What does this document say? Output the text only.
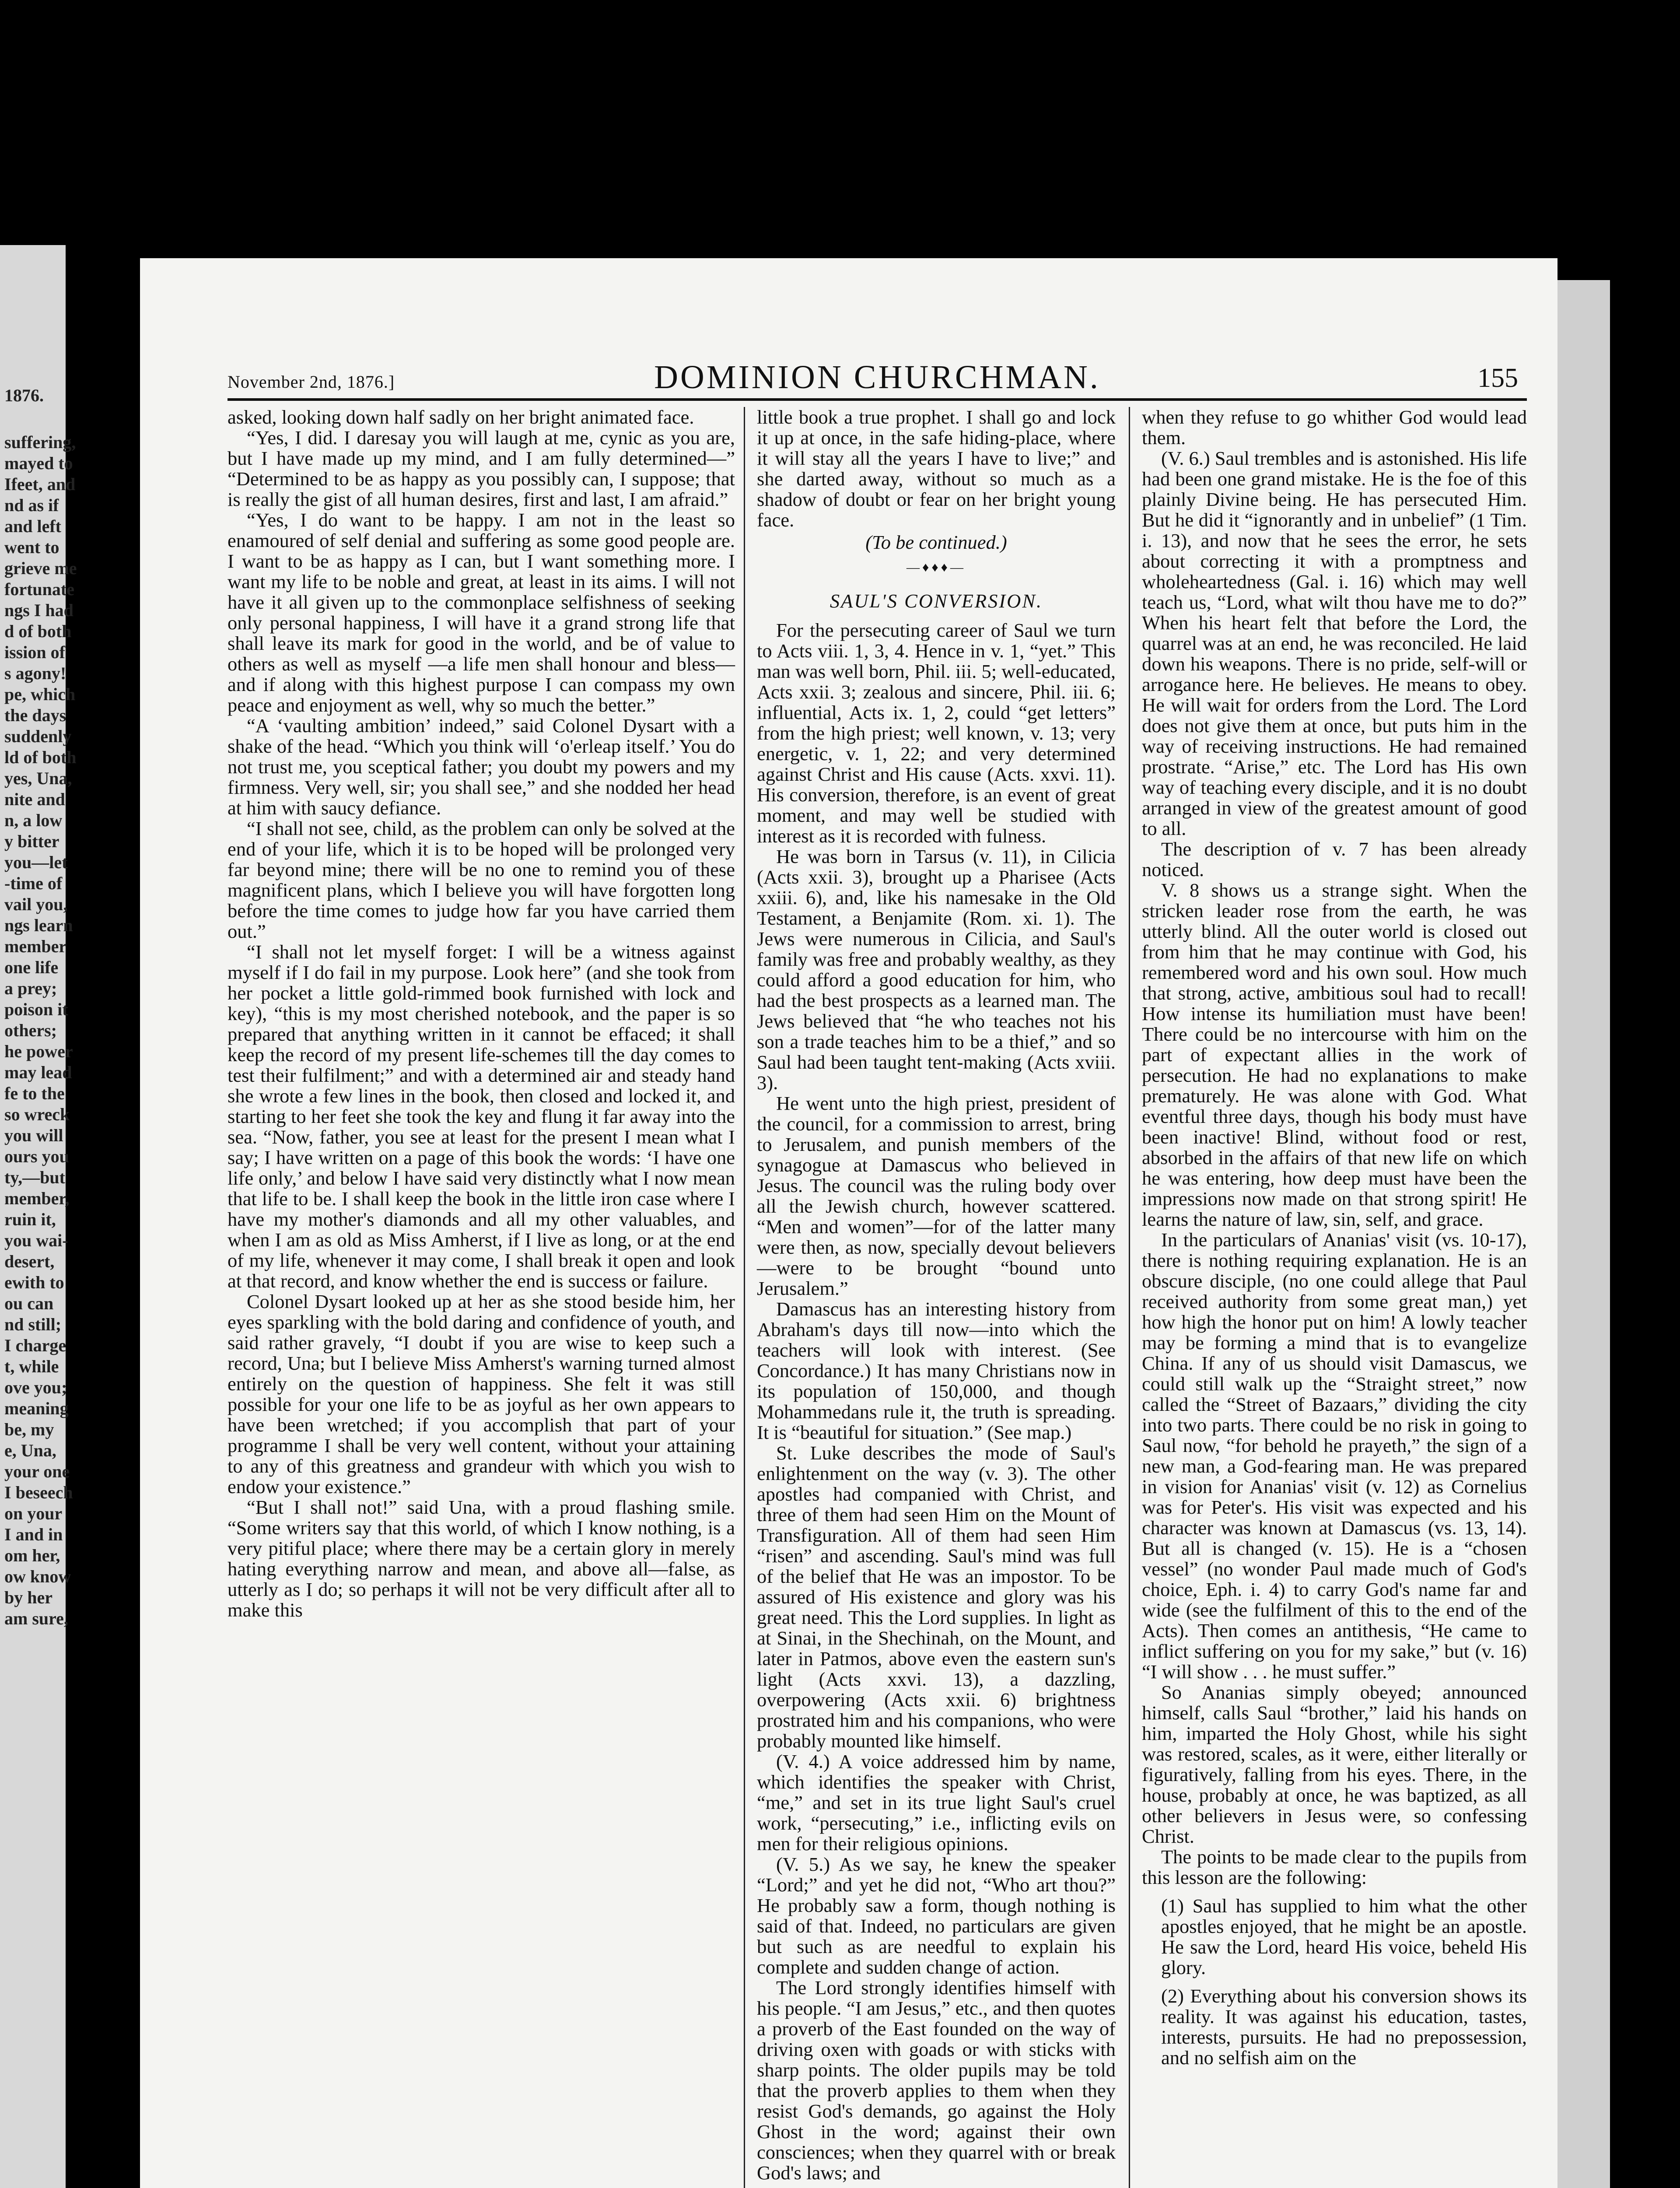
1876.
suffering,
mayed to
Ifeet, and
nd as if
and left
went to
grieve me
fortunate
ngs I had
d of both
ission of
s agony!
pe, which
the days
suddenly
ld of both
yes, Una,
nite and
n, a low
y bitter
you—let
-time of
vail you,
ngs learn
member
one life
a prey;
poison it
others;
he power
may lead
fe to the
so wreck
you will
ours you
ty,—but
member,
ruin it,
you wai-
desert,
ewith to
ou can
nd still;
I charge
t, while
ove you;
meaning
be, my
e, Una,
your one
I beseech
on your
I and in
om her,
ow know
by her
am sure,
November 2nd, 1876.]	DOMINION CHURCHMAN.	155

asked, looking down half sadly on her bright animated face.

“Yes, I did. I daresay you will laugh at me, cynic as you are, but I have made up my mind, and I am fully determined—” “Determined to be as happy as you possibly can, I suppose; that is really the gist of all human desires, first and last, I am afraid.”

“Yes, I do want to be happy. I am not in the least so enamoured of self denial and suffering as some good people are. I want to be as happy as I can, but I want something more. I want my life to be noble and great, at least in its aims. I will not have it all given up to the commonplace selfishness of seeking only personal happiness, I will have it a grand strong life that shall leave its mark for good in the world, and be of value to others as well as myself —a life men shall honour and bless—and if along with this highest purpose I can compass my own peace and enjoyment as well, why so much the better.”

“A ‘vaulting ambition’ indeed,” said Colonel Dysart with a shake of the head. “Which you think will ‘o'erleap itself.’ You do not trust me, you sceptical father; you doubt my powers and my firmness. Very well, sir; you shall see,” and she nodded her head at him with saucy defiance.

“I shall not see, child, as the problem can only be solved at the end of your life, which it is to be hoped will be prolonged very far beyond mine; there will be no one to remind you of these magnificent plans, which I believe you will have forgotten long before the time comes to judge how far you have carried them out.”

“I shall not let myself forget: I will be a witness against myself if I do fail in my purpose. Look here” (and she took from her pocket a little gold-rimmed book furnished with lock and key), “this is my most cherished notebook, and the paper is so prepared that anything written in it cannot be effaced; it shall keep the record of my present life-schemes till the day comes to test their fulfilment;” and with a determined air and steady hand she wrote a few lines in the book, then closed and locked it, and starting to her feet she took the key and flung it far away into the sea. “Now, father, you see at least for the present I mean what I say; I have written on a page of this book the words: ‘I have one life only,’ and below I have said very distinctly what I now mean that life to be. I shall keep the book in the little iron case where I have my mother's diamonds and all my other valuables, and when I am as old as Miss Amherst, if I live as long, or at the end of my life, whenever it may come, I shall break it open and look at that record, and know whether the end is success or failure.

Colonel Dysart looked up at her as she stood beside him, her eyes sparkling with the bold daring and confidence of youth, and said rather gravely, “I doubt if you are wise to keep such a record, Una; but I believe Miss Amherst's warning turned almost entirely on the question of happiness. She felt it was still possible for your one life to be as joyful as her own appears to have been wretched; if you accomplish that part of your programme I shall be very well content, without your attaining to any of this greatness and grandeur with which you wish to endow your existence.”

“But I shall not!” said Una, with a proud flashing smile. “Some writers say that this world, of which I know nothing, is a very pitiful place; where there may be a certain glory in merely hating everything narrow and mean, and above all—false, as utterly as I do; so perhaps it will not be very difficult after all to make this

little book a true prophet. I shall go and lock it up at once, in the safe hiding-place, where it will stay all the years I have to live;” and she darted away, without so much as a shadow of doubt or fear on her bright young face.

(To be continued.)

—♦♦♦—

SAUL'S CONVERSION.

For the persecuting career of Saul we turn to Acts viii. 1, 3, 4. Hence in v. 1, “yet.” This man was well born, Phil. iii. 5; well-educated, Acts xxii. 3; zealous and sincere, Phil. iii. 6; influential, Acts ix. 1, 2, could “get letters” from the high priest; well known, v. 13; very energetic, v. 1, 22; and very determined against Christ and His cause (Acts. xxvi. 11). His conversion, therefore, is an event of great moment, and may well be studied with interest as it is recorded with fulness.

He was born in Tarsus (v. 11), in Cilicia (Acts xxii. 3), brought up a Pharisee (Acts xxiii. 6), and, like his namesake in the Old Testament, a Benjamite (Rom. xi. 1). The Jews were numerous in Cilicia, and Saul's family was free and probably wealthy, as they could afford a good education for him, who had the best prospects as a learned man. The Jews believed that “he who teaches not his son a trade teaches him to be a thief,” and so Saul had been taught tent-making (Acts xviii. 3).

He went unto the high priest, president of the council, for a commission to arrest, bring to Jerusalem, and punish members of the synagogue at Damascus who believed in Jesus. The council was the ruling body over all the Jewish church, however scattered. “Men and women”—for of the latter many were then, as now, specially devout believers—were to be brought “bound unto Jerusalem.”

Damascus has an interesting history from Abraham's days till now—into which the teachers will look with interest. (See Concordance.) It has many Christians now in its population of 150,000, and though Mohammedans rule it, the truth is spreading. It is “beautiful for situation.” (See map.)

St. Luke describes the mode of Saul's enlightenment on the way (v. 3). The other apostles had companied with Christ, and three of them had seen Him on the Mount of Transfiguration. All of them had seen Him “risen” and ascending. Saul's mind was full of the belief that He was an impostor. To be assured of His existence and glory was his great need. This the Lord supplies. In light as at Sinai, in the Shechinah, on the Mount, and later in Patmos, above even the eastern sun's light (Acts xxvi. 13), a dazzling, overpowering (Acts xxii. 6) brightness prostrated him and his companions, who were probably mounted like himself.

(V. 4.) A voice addressed him by name, which identifies the speaker with Christ, “me,” and set in its true light Saul's cruel work, “persecuting,” i.e., inflicting evils on men for their religious opinions.

(V. 5.) As we say, he knew the speaker “Lord;” and yet he did not, “Who art thou?” He probably saw a form, though nothing is said of that. Indeed, no particulars are given but such as are needful to explain his complete and sudden change of action.

The Lord strongly identifies himself with his people. “I am Jesus,” etc., and then quotes a proverb of the East founded on the way of driving oxen with goads or with sticks with sharp points. The older pupils may be told that the proverb applies to them when they resist God's demands, go against the Holy Ghost in the word; against their own consciences; when they quarrel with or break God's laws; and

when they refuse to go whither God would lead them.

(V. 6.) Saul trembles and is astonished. His life had been one grand mistake. He is the foe of this plainly Divine being. He has persecuted Him. But he did it “ignorantly and in unbelief” (1 Tim. i. 13), and now that he sees the error, he sets about correcting it with a promptness and wholeheartedness (Gal. i. 16) which may well teach us, “Lord, what wilt thou have me to do?” When his heart felt that before the Lord, the quarrel was at an end, he was reconciled. He laid down his weapons. There is no pride, self-will or arrogance here. He believes. He means to obey. He will wait for orders from the Lord. The Lord does not give them at once, but puts him in the way of receiving instructions. He had remained prostrate. “Arise,” etc. The Lord has His own way of teaching every disciple, and it is no doubt arranged in view of the greatest amount of good to all.

The description of v. 7 has been already noticed.

V. 8 shows us a strange sight. When the stricken leader rose from the earth, he was utterly blind. All the outer world is closed out from him that he may continue with God, his remembered word and his own soul. How much that strong, active, ambitious soul had to recall! How intense its humiliation must have been! There could be no intercourse with him on the part of expectant allies in the work of persecution. He had no explanations to make prematurely. He was alone with God. What eventful three days, though his body must have been inactive! Blind, without food or rest, absorbed in the affairs of that new life on which he was entering, how deep must have been the impressions now made on that strong spirit! He learns the nature of law, sin, self, and grace.

In the particulars of Ananias' visit (vs. 10-17), there is nothing requiring explanation. He is an obscure disciple, (no one could allege that Paul received authority from some great man,) yet how high the honor put on him! A lowly teacher may be forming a mind that is to evangelize China. If any of us should visit Damascus, we could still walk up the “Straight street,” now called the “Street of Bazaars,” dividing the city into two parts. There could be no risk in going to Saul now, “for behold he prayeth,” the sign of a new man, a God-fearing man. He was prepared in vision for Ananias' visit (v. 12) as Cornelius was for Peter's. His visit was expected and his character was known at Damascus (vs. 13, 14). But all is changed (v. 15). He is a “chosen vessel” (no wonder Paul made much of God's choice, Eph. i. 4) to carry God's name far and wide (see the fulfilment of this to the end of the Acts). Then comes an antithesis, “He came to inflict suffering on you for my sake,” but (v. 16) “I will show . . . he must suffer.”

So Ananias simply obeyed; announced himself, calls Saul “brother,” laid his hands on him, imparted the Holy Ghost, while his sight was restored, scales, as it were, either literally or figuratively, falling from his eyes. There, in the house, probably at once, he was baptized, as all other believers in Jesus were, so confessing Christ.

The points to be made clear to the pupils from this lesson are the following:

(1) Saul has supplied to him what the other apostles enjoyed, that he might be an apostle. He saw the Lord, heard His voice, beheld His glory.

(2) Everything about his conversion shows its reality. It was against his education, tastes, interests, pursuits. He had no prepossession, and no selfish aim on the
